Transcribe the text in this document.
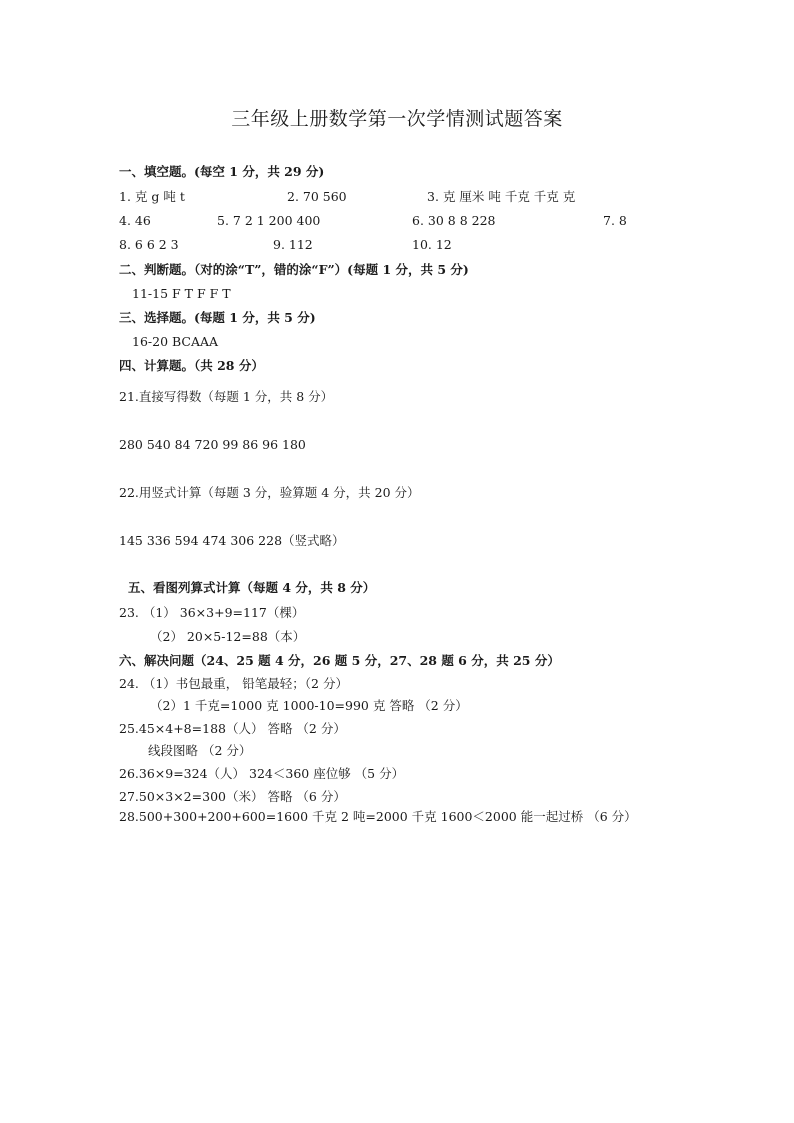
三年级上册数学第一次学情测试题答案
一、填空题。(每空 1 分，共 29 分)
1. 克 g 吨 t	2. 70 560	3. 克 厘米 吨 千克 千克 克
4. 46	5. 7 2 1 200 400	6. 30 8 8 228	7. 8
8. 6 6 2 3	9. 112	10. 12
二、判断题。（对的涂“T”，错的涂“F”）(每题 1 分，共 5 分)
11-15 F T F F T
三、选择题。(每题 1 分，共 5 分)
16-20 BCAAA
四、计算题。（共 28 分）
21.直接写得数（每题 1 分，共 8 分）
280 540 84 720 99 86 96 180
22.用竖式计算（每题 3 分，验算题 4 分，共 20 分）
145 336 594 474 306 228（竖式略）
五、看图列算式计算（每题 4 分，共 8 分）
23. （1） 36×3+9=117（棵）
（2） 20×5-12=88（本）
六、解决问题（24、25 题 4 分，26 题 5 分，27、28 题 6 分，共 25 分）
24. （1）书包最重， 铅笔最轻；（2 分）
（2）1 千克=1000 克 1000-10=990 克 答略 （2 分）
25.45×4+8=188（人） 答略 （2 分）
线段图略 （2 分）
26.36×9=324（人） 324＜360 座位够 （5 分）
27.50×3×2=300（米） 答略 （6 分）
28.500+300+200+600=1600 千克 2 吨=2000 千克 1600＜2000 能一起过桥 （6 分）
